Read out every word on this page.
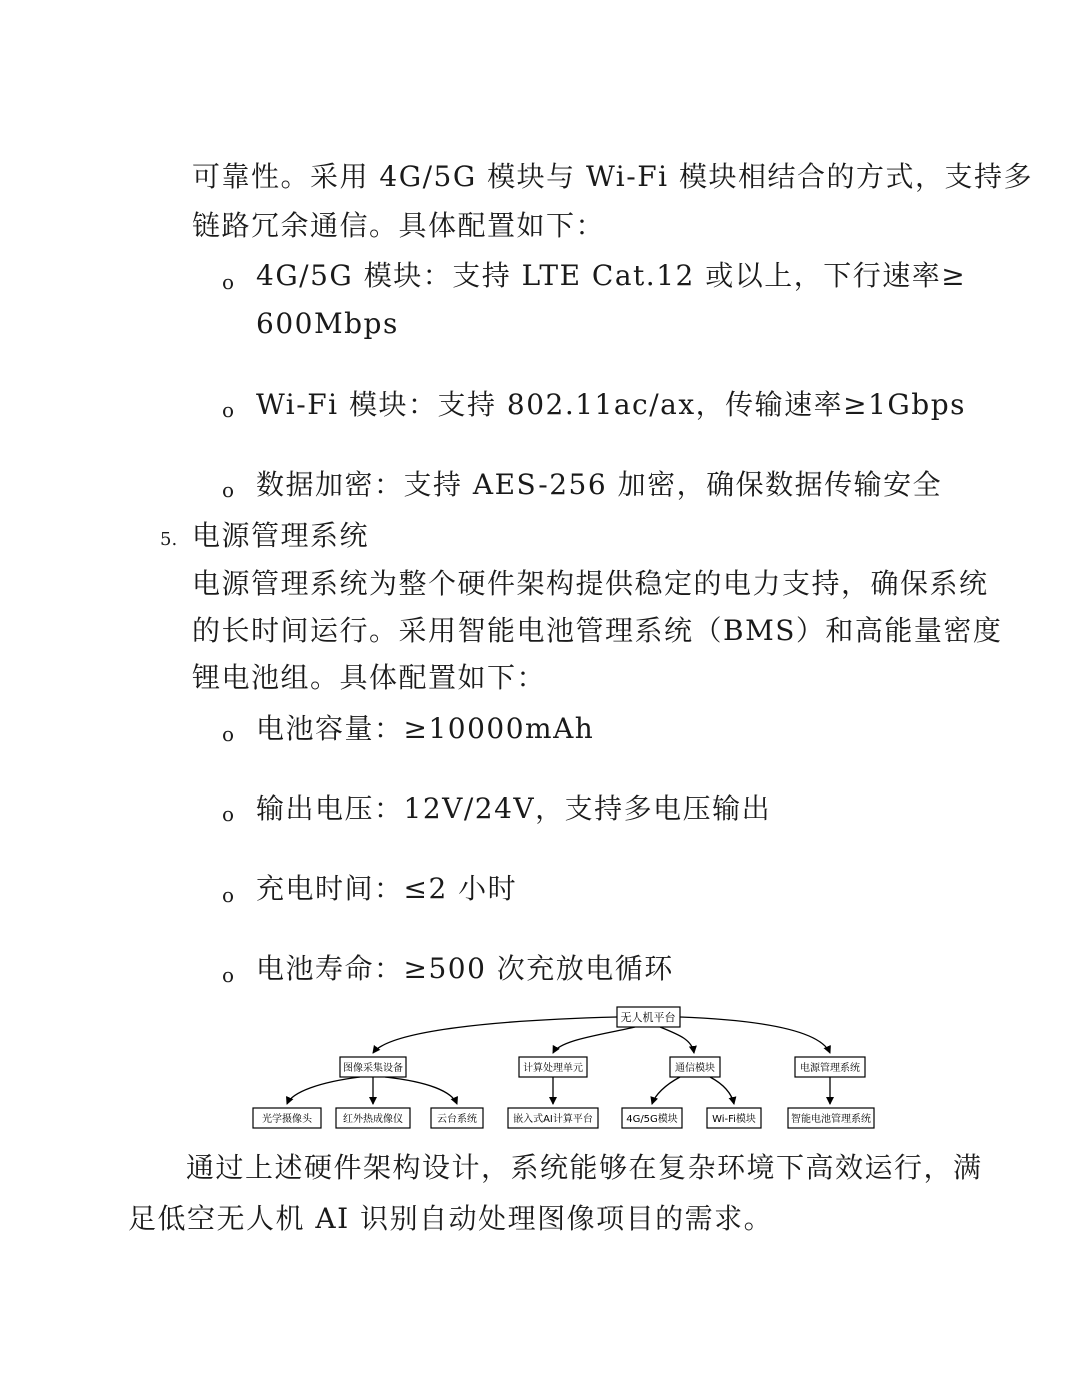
可靠性。采用 4G/5G 模块与 Wi-Fi 模块相结合的方式，支持多
链路冗余通信。具体配置如下：
o 4G/5G 模块：支持 LTE Cat.12 或以上，下行速率≥
600Mbps
o Wi-Fi 模块：支持 802.11ac/ax，传输速率≥1Gbps
o 数据加密：支持 AES-256 加密，确保数据传输安全
5. 电源管理系统
电源管理系统为整个硬件架构提供稳定的电力支持，确保系统
的长时间运行。采用智能电池管理系统（BMS）和高能量密度
锂电池组。具体配置如下：
o 电池容量：≥10000mAh
o 输出电压：12V/24V，支持多电压输出
o 充电时间：≤2 小时
o 电池寿命：≥500 次充放电循环
无人机平台
图像采集设备	计算处理单元	通信模块	电源管理系统
光学摄像头	红外热成像仪	云台系统	嵌入式AI计算平台	4G/5G模块	Wi-Fi模块	智能电池管理系统
通过上述硬件架构设计，系统能够在复杂环境下高效运行，满
足低空无人机 AI 识别自动处理图像项目的需求。
